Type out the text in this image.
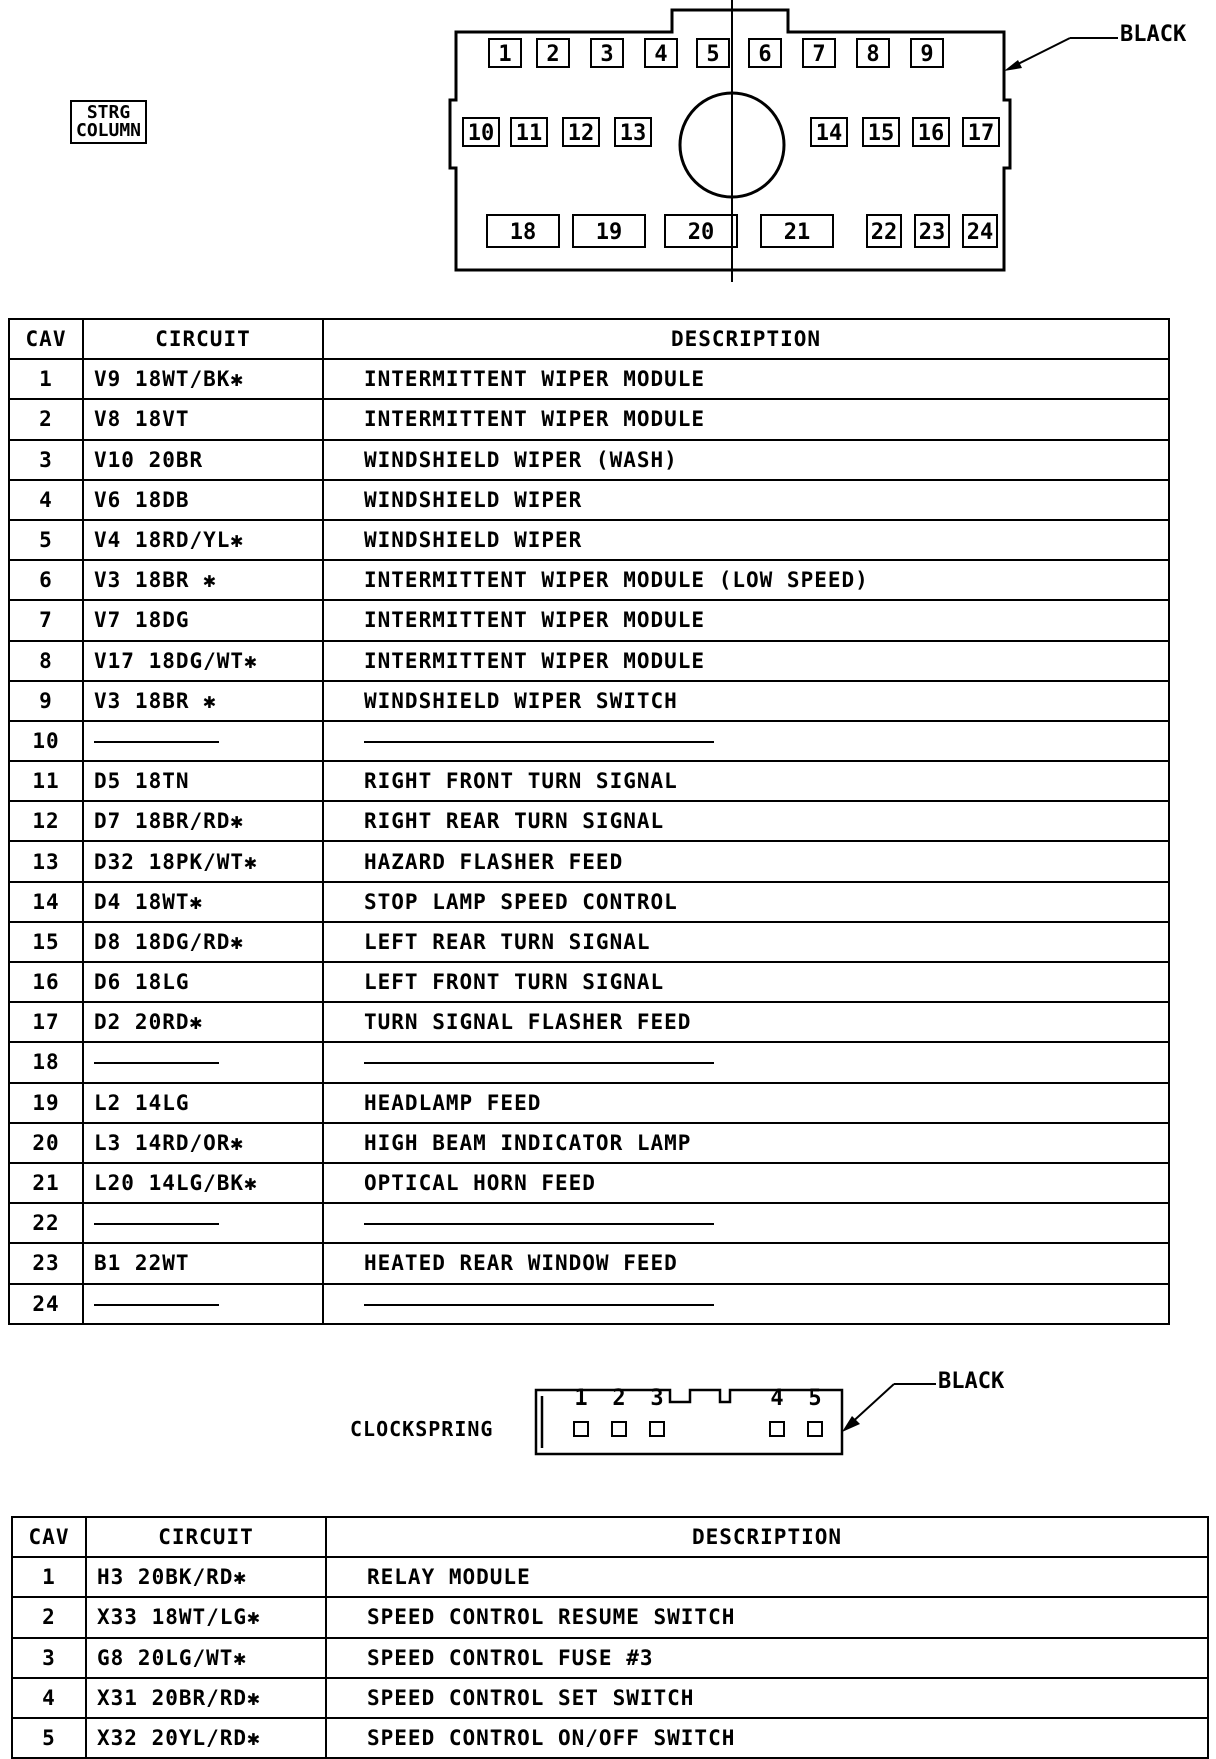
STRG
COLUMN
1	2	3	4	5	6	7	8	9
10 11 12 13	14 15 16 17
18	19	20	21	22 23 24
BLACK
CAV	CIRCUIT	DESCRIPTION
1	V9 18WT/BK✱	INTERMITTENT WIPER MODULE
2	V8 18VT	INTERMITTENT WIPER MODULE
3	V10 20BR	WINDSHIELD WIPER (WASH)
4	V6 18DB	WINDSHIELD WIPER
5	V4 18RD/YL✱	WINDSHIELD WIPER
6	V3 18BR ✱	INTERMITTENT WIPER MODULE (LOW SPEED)
7	V7 18DG	INTERMITTENT WIPER MODULE
8	V17 18DG/WT✱	INTERMITTENT WIPER MODULE
9	V3 18BR ✱	WINDSHIELD WIPER SWITCH
10		
11	D5 18TN	RIGHT FRONT TURN SIGNAL
12	D7 18BR/RD✱	RIGHT REAR TURN SIGNAL
13	D32 18PK/WT✱	HAZARD FLASHER FEED
14	D4 18WT✱	STOP LAMP SPEED CONTROL
15	D8 18DG/RD✱	LEFT REAR TURN SIGNAL
16	D6 18LG	LEFT FRONT TURN SIGNAL
17	D2 20RD✱	TURN SIGNAL FLASHER FEED
18		
19	L2 14LG	HEADLAMP FEED
20	L3 14RD/OR✱	HIGH BEAM INDICATOR LAMP
21	L20 14LG/BK✱	OPTICAL HORN FEED
22		
23	B1 22WT	HEATED REAR WINDOW FEED
24		
CLOCKSPRING
1 2 3	4 5
BLACK
CAV	CIRCUIT	DESCRIPTION
1	H3 20BK/RD✱	RELAY MODULE
2	X33 18WT/LG✱	SPEED CONTROL RESUME SWITCH
3	G8 20LG/WT✱	SPEED CONTROL FUSE #3
4	X31 20BR/RD✱	SPEED CONTROL SET SWITCH
5	X32 20YL/RD✱	SPEED CONTROL ON/OFF SWITCH
